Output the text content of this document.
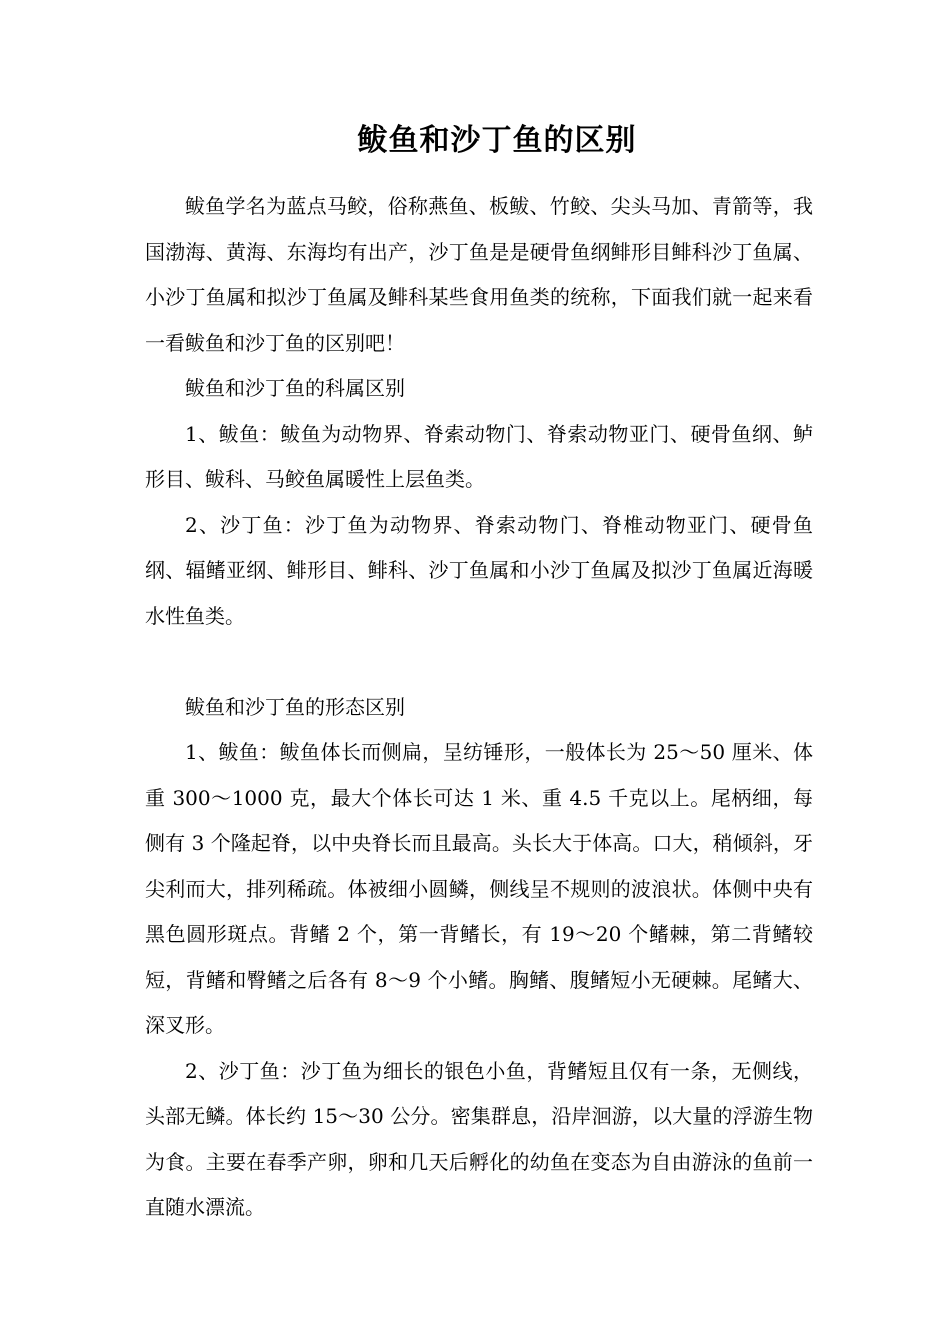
鲅鱼和沙丁鱼的区别

鲅鱼学名为蓝点马鲛，俗称燕鱼、板鲅、竹鲛、尖头马加、青箭等，我国渤海、黄海、东海均有出产，沙丁鱼是是硬骨鱼纲鲱形目鲱科沙丁鱼属、小沙丁鱼属和拟沙丁鱼属及鲱科某些食用鱼类的统称，下面我们就一起来看一看鲅鱼和沙丁鱼的区别吧！

鲅鱼和沙丁鱼的科属区别

1、鲅鱼：鲅鱼为动物界、脊索动物门、脊索动物亚门、硬骨鱼纲、鲈形目、鲅科、马鲛鱼属暖性上层鱼类。

2、沙丁鱼：沙丁鱼为动物界、脊索动物门、脊椎动物亚门、硬骨鱼纲、辐鳍亚纲、鲱形目、鲱科、沙丁鱼属和小沙丁鱼属及拟沙丁鱼属近海暖水性鱼类。

鲅鱼和沙丁鱼的形态区别

1、鲅鱼：鲅鱼体长而侧扁，呈纺锤形，一般体长为 25～50 厘米、体重 300～1000 克，最大个体长可达 1 米、重 4.5 千克以上。尾柄细，每侧有 3 个隆起脊，以中央脊长而且最高。头长大于体高。口大，稍倾斜，牙尖利而大，排列稀疏。体被细小圆鳞，侧线呈不规则的波浪状。体侧中央有黑色圆形斑点。背鳍 2 个，第一背鳍长，有 19～20 个鳍棘，第二背鳍较短，背鳍和臀鳍之后各有 8～9 个小鳍。胸鳍、腹鳍短小无硬棘。尾鳍大、深叉形。

2、沙丁鱼：沙丁鱼为细长的银色小鱼，背鳍短且仅有一条，无侧线，头部无鳞。体长约 15～30 公分。密集群息，沿岸洄游，以大量的浮游生物为食。主要在春季产卵，卵和几天后孵化的幼鱼在变态为自由游泳的鱼前一直随水漂流。
